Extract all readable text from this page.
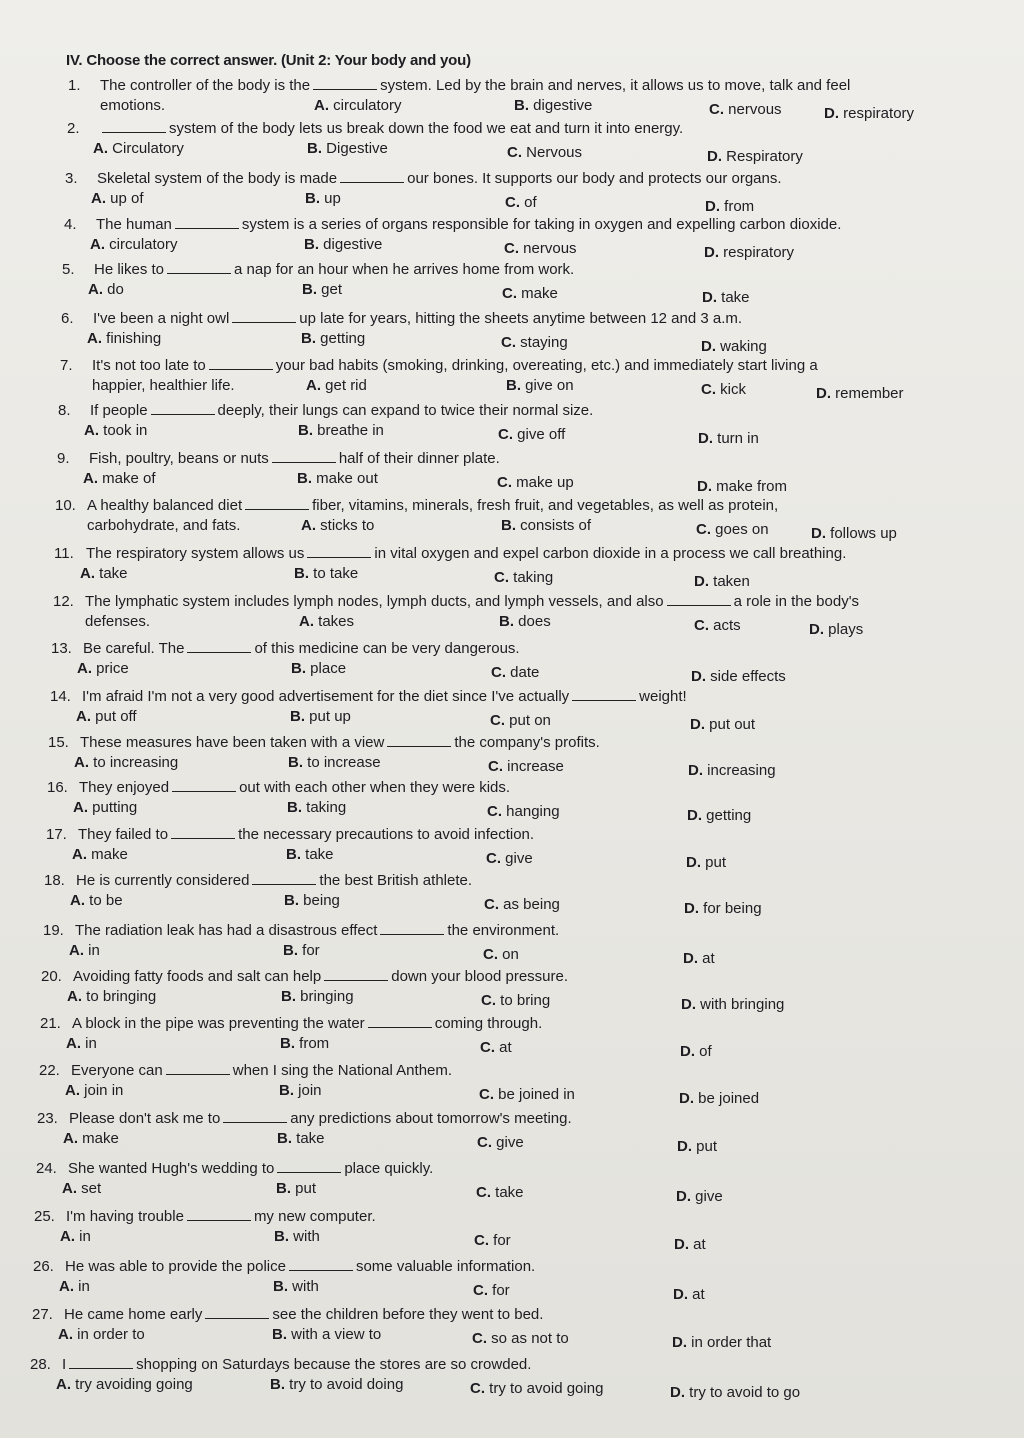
IV. Choose the correct answer. (Unit 2: Your body and you)
1. The controller of the body is the	system. Led by the brain and nerves, it allows us to move, talk and feel
emotions.	A. circulatory	B. digestive	C. nervous	D. respiratory
2.	system of the body lets us break down the food we eat and turn it into energy.
A. Circulatory	B. Digestive	C. Nervous	D. Respiratory
3. Skeletal system of the body is made	our bones. It supports our body and protects our organs.
A. up of	B. up	C. of	D. from
4. The human	system is a series of organs responsible for taking in oxygen and expelling carbon dioxide.
A. circulatory	B. digestive	C. nervous	D. respiratory
5. He likes to	a nap for an hour when he arrives home from work.
A. do	B. get	C. make	D. take
6. I've been a night owl	up late for years, hitting the sheets anytime between 12 and 3 a.m.
A. finishing	B. getting	C. staying	D. waking
7. It's not too late to	your bad habits (smoking, drinking, overeating, etc.) and immediately start living a
happier, healthier life.	A. get rid	B. give on	C. kick	D. remember
8. If people	deeply, their lungs can expand to twice their normal size.
A. took in	B. breathe in	C. give off	D. turn in
9. Fish, poultry, beans or nuts	half of their dinner plate.
A. make of	B. make out	C. make up	D. make from
10. A healthy balanced diet	fiber, vitamins, minerals, fresh fruit, and vegetables, as well as protein,
carbohydrate, and fats.	A. sticks to	B. consists of	C. goes on	D. follows up
11. The respiratory system allows us	in vital oxygen and expel carbon dioxide in a process we call breathing.
A. take	B. to take	C. taking	D. taken
12. The lymphatic system includes lymph nodes, lymph ducts, and lymph vessels, and also	a role in the body's
defenses.	A. takes	B. does	C. acts	D. plays
13. Be careful. The	of this medicine can be very dangerous.
A. price	B. place	C. date	D. side effects
14. I'm afraid I'm not a very good advertisement for the diet since I've actually	weight!
A. put off	B. put up	C. put on	D. put out
15. These measures have been taken with a view	the company's profits.
A. to increasing	B. to increase	C. increase	D. increasing
16. They enjoyed	out with each other when they were kids.
A. putting	B. taking	C. hanging	D. getting
17. They failed to	the necessary precautions to avoid infection.
A. make	B. take	C. give	D. put
18. He is currently considered	the best British athlete.
A. to be	B. being	C. as being	D. for being
19. The radiation leak has had a disastrous effect	the environment.
A. in	B. for	C. on	D. at
20. Avoiding fatty foods and salt can help	down your blood pressure.
A. to bringing	B. bringing	C. to bring	D. with bringing
21. A block in the pipe was preventing the water	coming through.
A. in	B. from	C. at	D. of
22. Everyone can	when I sing the National Anthem.
A. join in	B. join	C. be joined in	D. be joined
23. Please don't ask me to	any predictions about tomorrow's meeting.
A. make	B. take	C. give	D. put
24. She wanted Hugh's wedding to	place quickly.
A. set	B. put	C. take	D. give
25. I'm having trouble	my new computer.
A. in	B. with	C. for	D. at
26. He was able to provide the police	some valuable information.
A. in	B. with	C. for	D. at
27. He came home early	see the children before they went to bed.
A. in order to	B. with a view to	C. so as not to	D. in order that
28. I	shopping on Saturdays because the stores are so crowded.
A. try avoiding going	B. try to avoid doing	C. try to avoid going	D. try to avoid to go
